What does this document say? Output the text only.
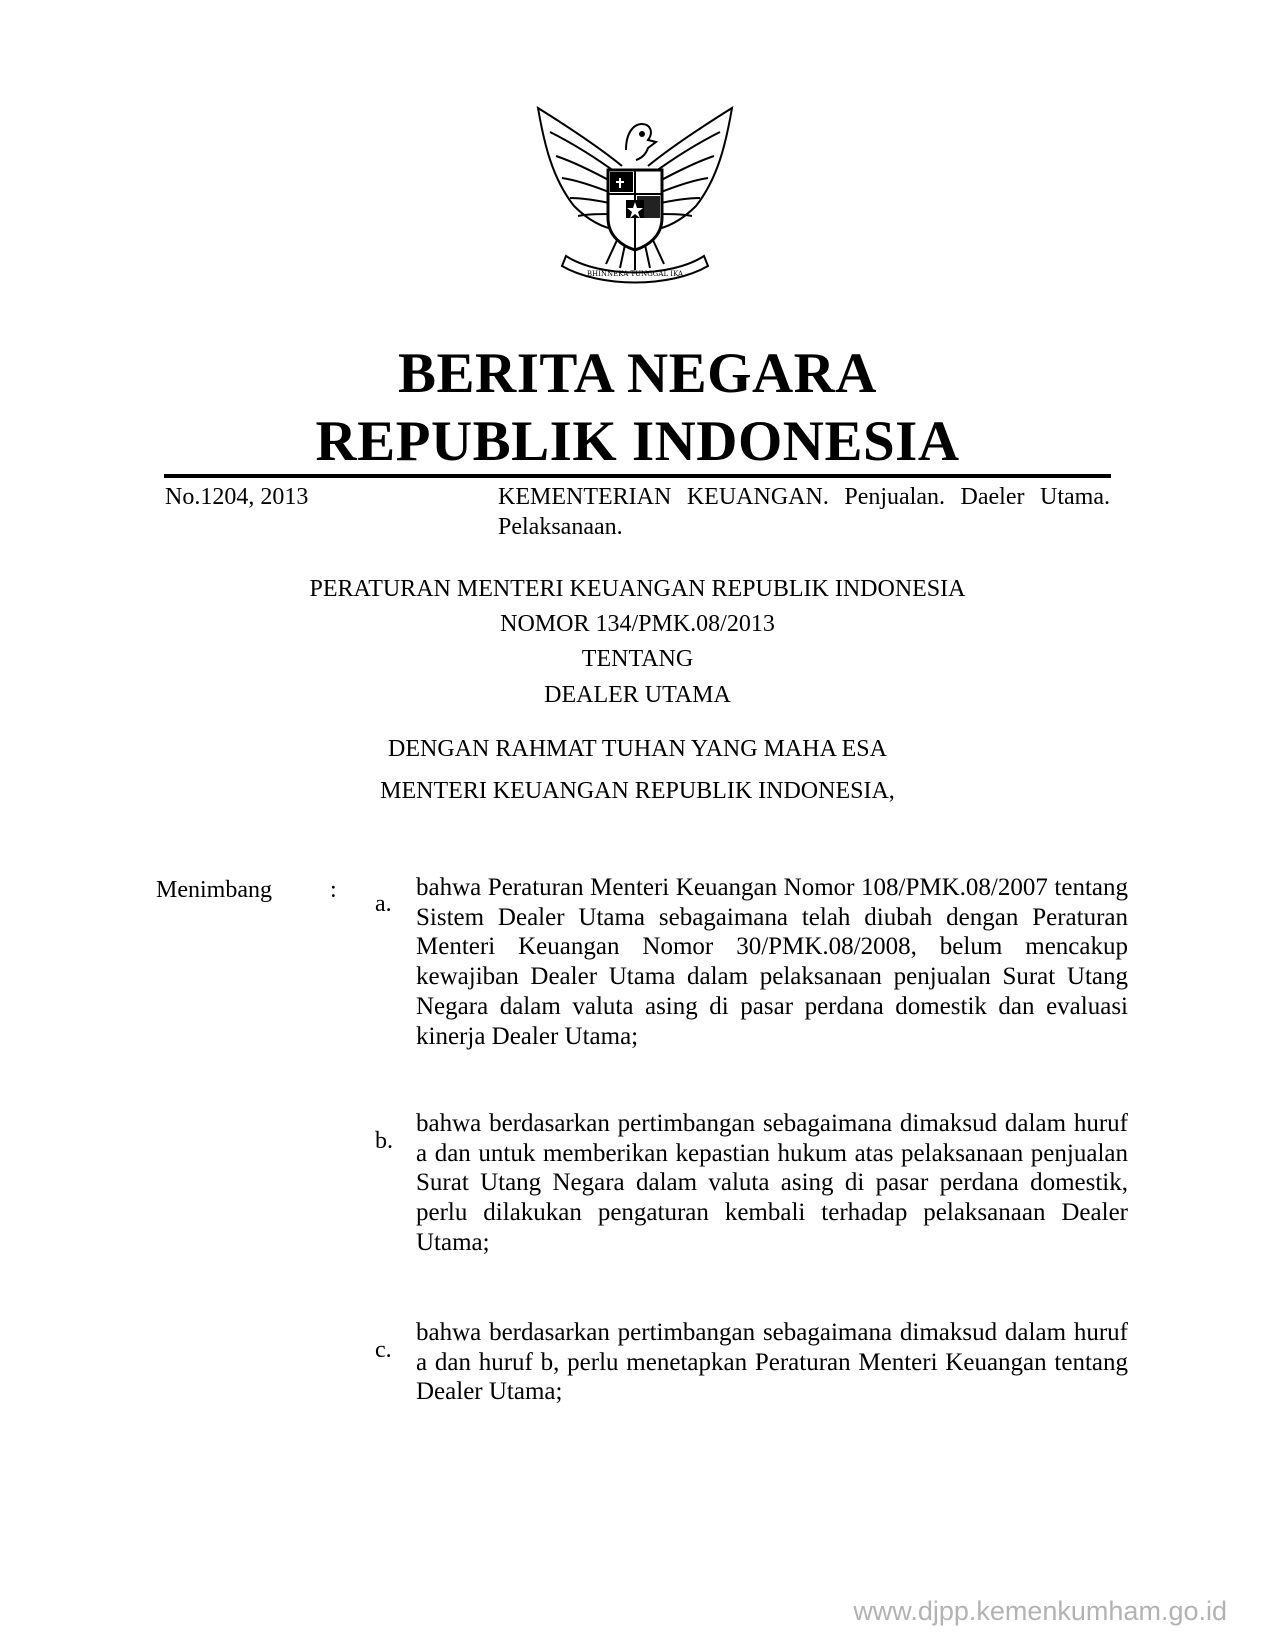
BHINNEKA TUNGGAL IKA
BERITA NEGARA
REPUBLIK INDONESIA
No.1204, 2013	KEMENTERIAN KEUANGAN. Penjualan. Daeler Utama. Pelaksanaan.
PERATURAN MENTERI KEUANGAN REPUBLIK INDONESIA
NOMOR 134/PMK.08/2013
TENTANG
DEALER UTAMA
DENGAN RAHMAT TUHAN YANG MAHA ESA
MENTERI KEUANGAN REPUBLIK INDONESIA,
Menimbang :
a.
bahwa Peraturan Menteri Keuangan Nomor 108/PMK.08/2007 tentang Sistem Dealer Utama sebagaimana telah diubah dengan Peraturan Menteri Keuangan Nomor 30/PMK.08/2008, belum mencakup kewajiban Dealer Utama dalam pelaksanaan penjualan Surat Utang Negara dalam valuta asing di pasar perdana domestik dan evaluasi kinerja Dealer Utama;
b.
bahwa berdasarkan pertimbangan sebagaimana dimaksud dalam huruf a dan untuk memberikan kepastian hukum atas pelaksanaan penjualan Surat Utang Negara dalam valuta asing di pasar perdana domestik, perlu dilakukan pengaturan kembali terhadap pelaksanaan Dealer Utama;
c.
bahwa berdasarkan pertimbangan sebagaimana dimaksud dalam huruf a dan huruf b, perlu menetapkan Peraturan Menteri Keuangan tentang Dealer Utama;
www.djpp.kemenkumham.go.id
